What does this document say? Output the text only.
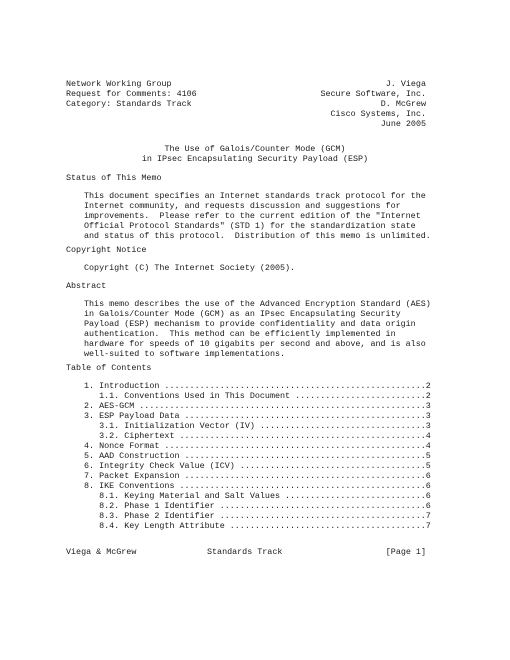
Network Working Group
Request for Comments: 4106
Category: Standards Track
J. Viega
Secure Software, Inc.
D. McGrew
Cisco Systems, Inc.
June 2005
The Use of Galois/Counter Mode (GCM)
in IPsec Encapsulating Security Payload (ESP)
Status of This Memo
This document specifies an Internet standards track protocol for the
Internet community, and requests discussion and suggestions for
improvements.  Please refer to the current edition of the "Internet
Official Protocol Standards" (STD 1) for the standardization state
and status of this protocol.  Distribution of this memo is unlimited.
Copyright Notice
Copyright (C) The Internet Society (2005).
Abstract
This memo describes the use of the Advanced Encryption Standard (AES)
in Galois/Counter Mode (GCM) as an IPsec Encapsulating Security
Payload (ESP) mechanism to provide confidentiality and data origin
authentication.  This method can be efficiently implemented in
hardware for speeds of 10 gigabits per second and above, and is also
well-suited to software implementations.
Table of Contents
1. Introduction ....................................................2
1.1. Conventions Used in This Document ..........................2
2. AES-GCM .........................................................3
3. ESP Payload Data ................................................3
3.1. Initialization Vector (IV) .................................3
3.2. Ciphertext .................................................4
4. Nonce Format ....................................................4
5. AAD Construction ................................................5
6. Integrity Check Value (ICV) .....................................5
7. Packet Expansion ................................................6
8. IKE Conventions .................................................6
8.1. Keying Material and Salt Values ............................6
8.2. Phase 1 Identifier .........................................6
8.3. Phase 2 Identifier .........................................7
8.4. Key Length Attribute .......................................7
Viega & McGrew	Standards Track	[Page 1]
